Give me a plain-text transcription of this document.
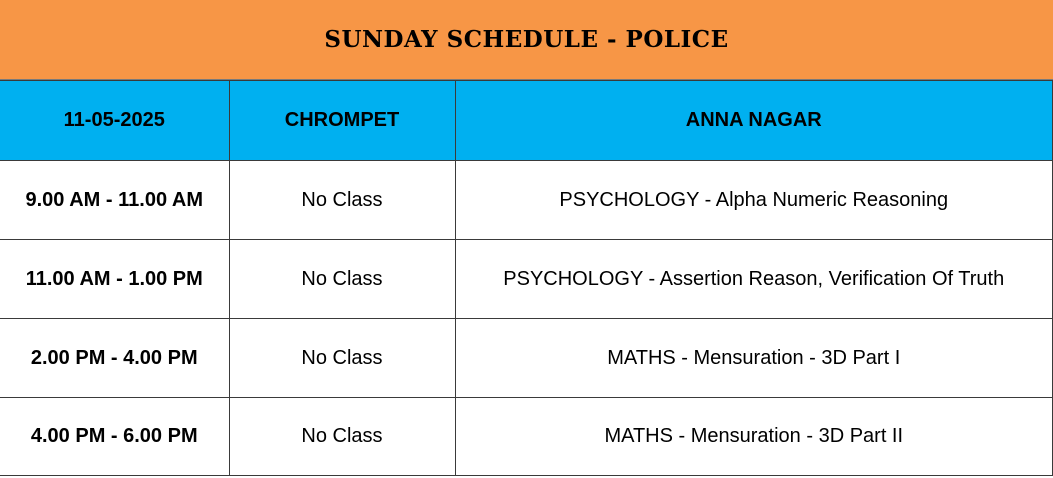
SUNDAY SCHEDULE - POLICE
11-05-2025	CHROMPET	ANNA NAGAR
9.00 AM - 11.00 AM	No Class	PSYCHOLOGY - Alpha Numeric Reasoning
11.00 AM - 1.00 PM	No Class	PSYCHOLOGY - Assertion Reason, Verification Of Truth
2.00 PM - 4.00 PM	No Class	MATHS - Mensuration - 3D Part I
4.00 PM - 6.00 PM	No Class	MATHS - Mensuration - 3D Part II
